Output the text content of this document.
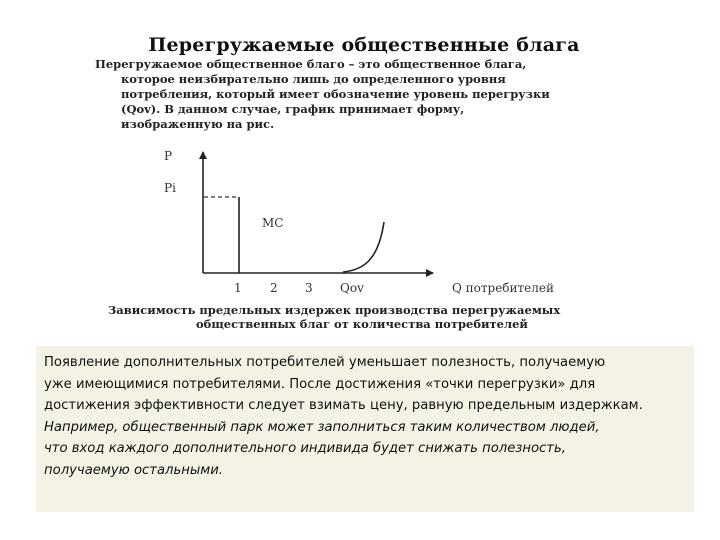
Перегружаемые общественные блага
Перегружаемое общественное благо – это общественное блага,
которое неизбирательно лишь до определенного уровня
потребления, который имеет обозначение уровень перегрузки
(Qov). В данном случае, график принимает форму,
изображенную на рис.
P
Pi
MC
1 2 3 Qov	Q потребителей
Зависимость предельных издержек производства перегружаемых
общественных благ от количества потребителей
Появление дополнительных потребителей уменьшает полезность, получаемую
уже имеющимися потребителями. После достижения «точки перегрузки» для
достижения эффективности следует взимать цену, равную предельным издержкам.
Например, общественный парк может заполниться таким количеством людей,
что вход каждого дополнительного индивида будет снижать полезность,
получаемую остальными.
